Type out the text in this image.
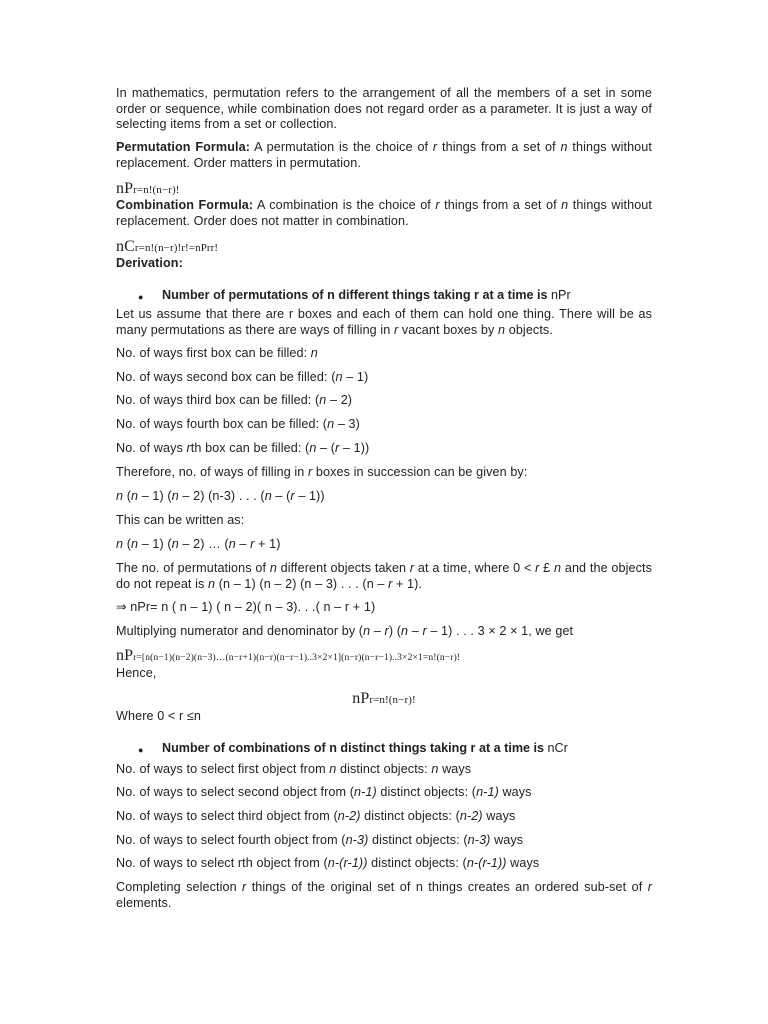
In mathematics, permutation refers to the arrangement of all the members of a set in some order or sequence, while combination does not regard order as a parameter. It is just a way of selecting items from a set or collection.
Permutation Formula: A permutation is the choice of r things from a set of n things without replacement. Order matters in permutation.
nPr=n!(n−r)!
Combination Formula: A combination is the choice of r things from a set of n things without replacement. Order does not matter in combination.
nCr=n!(n−r)!r!=nPrr!
Derivation:
● Number of permutations of n different things taking r at a time is nPr
Let us assume that there are r boxes and each of them can hold one thing. There will be as many permutations as there are ways of filling in r vacant boxes by n objects.
No. of ways first box can be filled: n
No. of ways second box can be filled: (n – 1)
No. of ways third box can be filled: (n – 2)
No. of ways fourth box can be filled: (n – 3)
No. of ways rth box can be filled: (n – (r – 1))
Therefore, no. of ways of filling in r boxes in succession can be given by:
n (n – 1) (n – 2) (n-3) . . . (n – (r – 1))
This can be written as:
n (n – 1) (n – 2) … (n – r + 1)
The no. of permutations of n different objects taken r at a time, where 0 < r £ n and the objects do not repeat is n (n – 1) (n – 2) (n – 3) . . . (n – r + 1).
⇒ nPr= n ( n – 1) ( n – 2)( n – 3). . .( n – r + 1)
Multiplying numerator and denominator by (n – r) (n – r – 1) . . . 3 × 2 × 1, we get
nPr=[n(n−1)(n−2)(n−3)…(n−r+1)(n−r)(n−r−1)..3×2×1](n−r)(n−r−1)..3×2×1=n!(n−r)!
Hence,
nPr=n!(n−r)!
Where 0 < r ≤n
● Number of combinations of n distinct things taking r at a time is nCr
No. of ways to select first object from n distinct objects: n ways
No. of ways to select second object from (n-1) distinct objects: (n-1) ways
No. of ways to select third object from (n-2) distinct objects: (n-2) ways
No. of ways to select fourth object from (n-3) distinct objects: (n-3) ways
No. of ways to select rth object from (n-(r-1)) distinct objects: (n-(r-1)) ways
Completing selection r things of the original set of n things creates an ordered sub-set of r elements.
